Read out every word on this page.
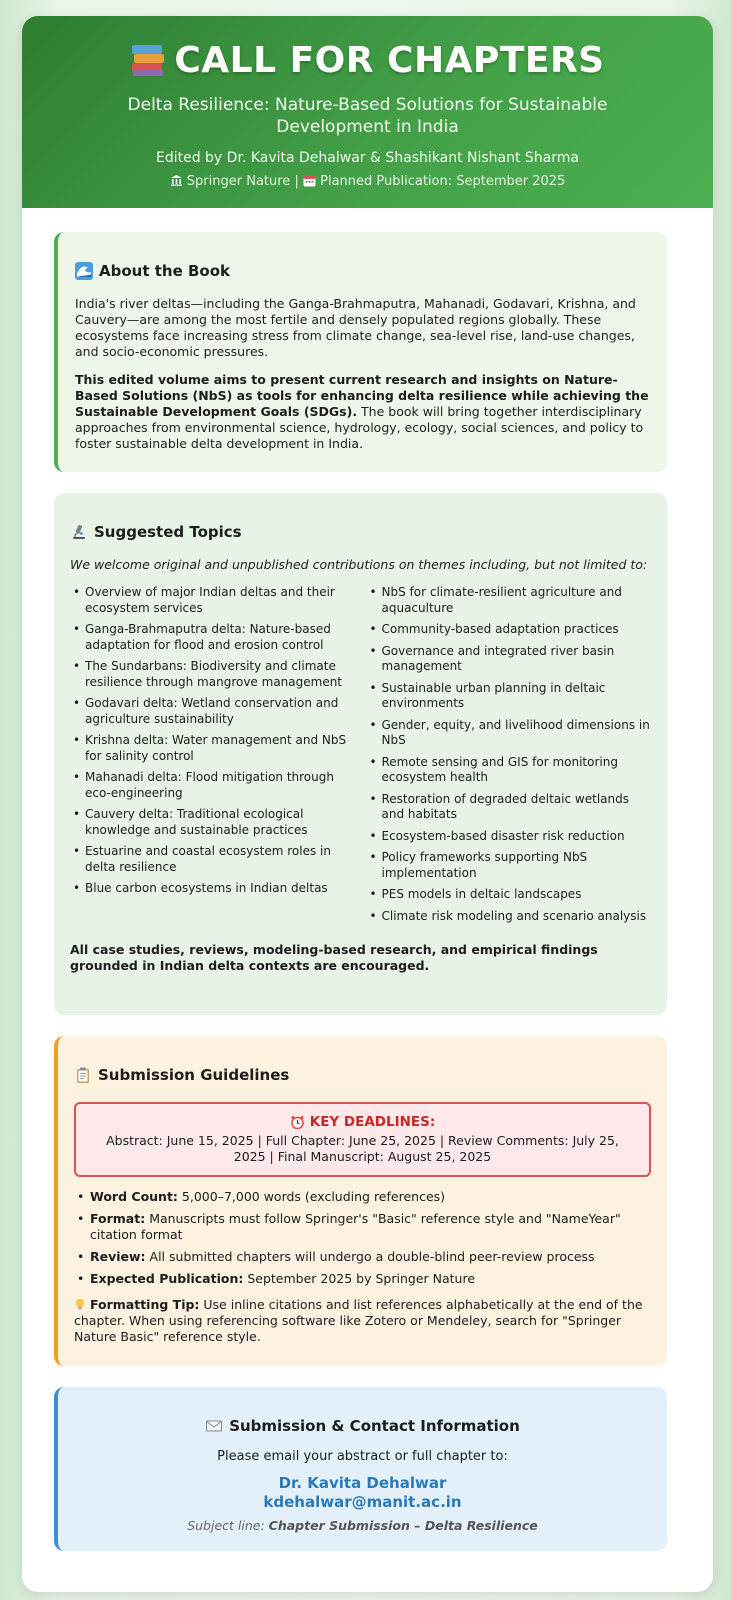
CALL FOR CHAPTERS
Delta Resilience: Nature-Based Solutions for Sustainable Development in India
Edited by Dr. Kavita Dehalwar & Shashikant Nishant Sharma
Springer Nature | Planned Publication: September 2025
About the Book

India's river deltas—including the Ganga-Brahmaputra, Mahanadi, Godavari, Krishna, and Cauvery—are among the most fertile and densely populated regions globally. These ecosystems face increasing stress from climate change, sea-level rise, land-use changes, and socio-economic pressures.

This edited volume aims to present current research and insights on Nature-Based Solutions (NbS) as tools for enhancing delta resilience while achieving the Sustainable Development Goals (SDGs). The book will bring together interdisciplinary approaches from environmental science, hydrology, ecology, social sciences, and policy to foster sustainable delta development in India.

Suggested Topics
We welcome original and unpublished contributions on themes including, but not limited to:
• Overview of major Indian deltas and their ecosystem services
• Ganga-Brahmaputra delta: Nature-based adaptation for flood and erosion control
• The Sundarbans: Biodiversity and climate resilience through mangrove management
• Godavari delta: Wetland conservation and agriculture sustainability
• Krishna delta: Water management and NbS for salinity control
• Mahanadi delta: Flood mitigation through eco-engineering
• Cauvery delta: Traditional ecological knowledge and sustainable practices
• Estuarine and coastal ecosystem roles in delta resilience
• Blue carbon ecosystems in Indian deltas
• NbS for climate-resilient agriculture and aquaculture
• Community-based adaptation practices
• Governance and integrated river basin management
• Sustainable urban planning in deltaic environments
• Gender, equity, and livelihood dimensions in NbS
• Remote sensing and GIS for monitoring ecosystem health
• Restoration of degraded deltaic wetlands and habitats
• Ecosystem-based disaster risk reduction
• Policy frameworks supporting NbS implementation
• PES models in deltaic landscapes
• Climate risk modeling and scenario analysis
All case studies, reviews, modeling-based research, and empirical findings grounded in Indian delta contexts are encouraged.
Submission Guidelines
KEY DEADLINES:
Abstract: June 15, 2025 | Full Chapter: June 25, 2025 | Review Comments: July 25, 2025 | Final Manuscript: August 25, 2025
• Word Count: 5,000–7,000 words (excluding references)
• Format: Manuscripts must follow Springer's "Basic" reference style and "NameYear" citation format
• Review: All submitted chapters will undergo a double-blind peer-review process
• Expected Publication: September 2025 by Springer Nature

Formatting Tip: Use inline citations and list references alphabetically at the end of the chapter. When using referencing software like Zotero or Mendeley, search for "Springer Nature Basic" reference style.

Submission & Contact Information
Please email your abstract or full chapter to:
Dr. Kavita Dehalwar
kdehalwar@manit.ac.in
Subject line: Chapter Submission – Delta Resilience
